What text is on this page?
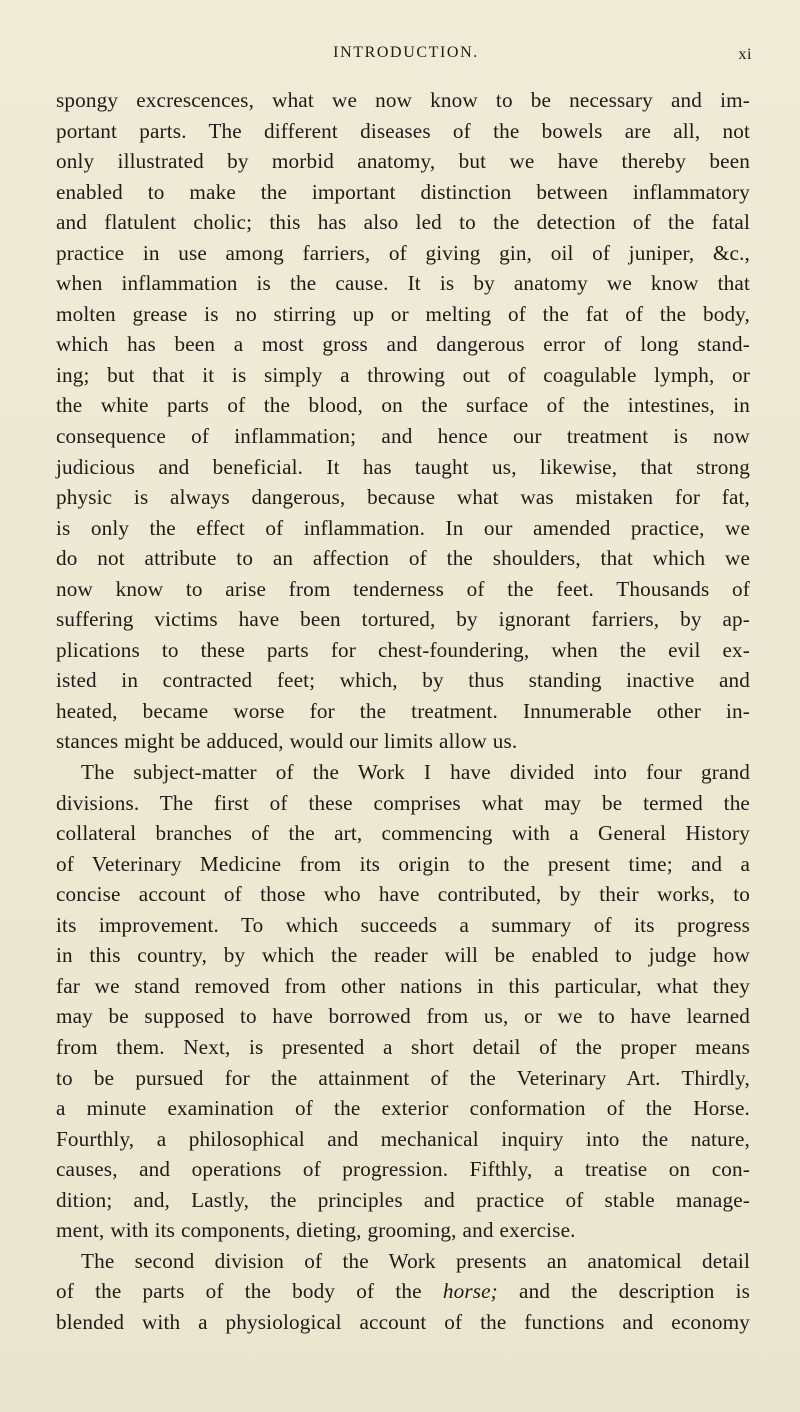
INTRODUCTION.	xi
spongy excrescences, what we now know to be necessary and im-
portant parts. The different diseases of the bowels are all, not
only illustrated by morbid anatomy, but we have thereby been
enabled to make the important distinction between inflammatory
and flatulent cholic; this has also led to the detection of the fatal
practice in use among farriers, of giving gin, oil of juniper, &c.,
when inflammation is the cause. It is by anatomy we know that
molten grease is no stirring up or melting of the fat of the body,
which has been a most gross and dangerous error of long stand-
ing; but that it is simply a throwing out of coagulable lymph, or
the white parts of the blood, on the surface of the intestines, in
consequence of inflammation; and hence our treatment is now
judicious and beneficial. It has taught us, likewise, that strong
physic is always dangerous, because what was mistaken for fat,
is only the effect of inflammation. In our amended practice, we
do not attribute to an affection of the shoulders, that which we
now know to arise from tenderness of the feet. Thousands of
suffering victims have been tortured, by ignorant farriers, by ap-
plications to these parts for chest-foundering, when the evil ex-
isted in contracted feet; which, by thus standing inactive and
heated, became worse for the treatment. Innumerable other in-
stances might be adduced, would our limits allow us.
The subject-matter of the Work I have divided into four grand
divisions. The first of these comprises what may be termed the
collateral branches of the art, commencing with a General History
of Veterinary Medicine from its origin to the present time; and a
concise account of those who have contributed, by their works, to
its improvement. To which succeeds a summary of its progress
in this country, by which the reader will be enabled to judge how
far we stand removed from other nations in this particular, what they
may be supposed to have borrowed from us, or we to have learned
from them. Next, is presented a short detail of the proper means
to be pursued for the attainment of the Veterinary Art. Thirdly,
a minute examination of the exterior conformation of the Horse.
Fourthly, a philosophical and mechanical inquiry into the nature,
causes, and operations of progression. Fifthly, a treatise on con-
dition; and, Lastly, the principles and practice of stable manage-
ment, with its components, dieting, grooming, and exercise.
The second division of the Work presents an anatomical detail
of the parts of the body of the horse; and the description is
blended with a physiological account of the functions and economy
